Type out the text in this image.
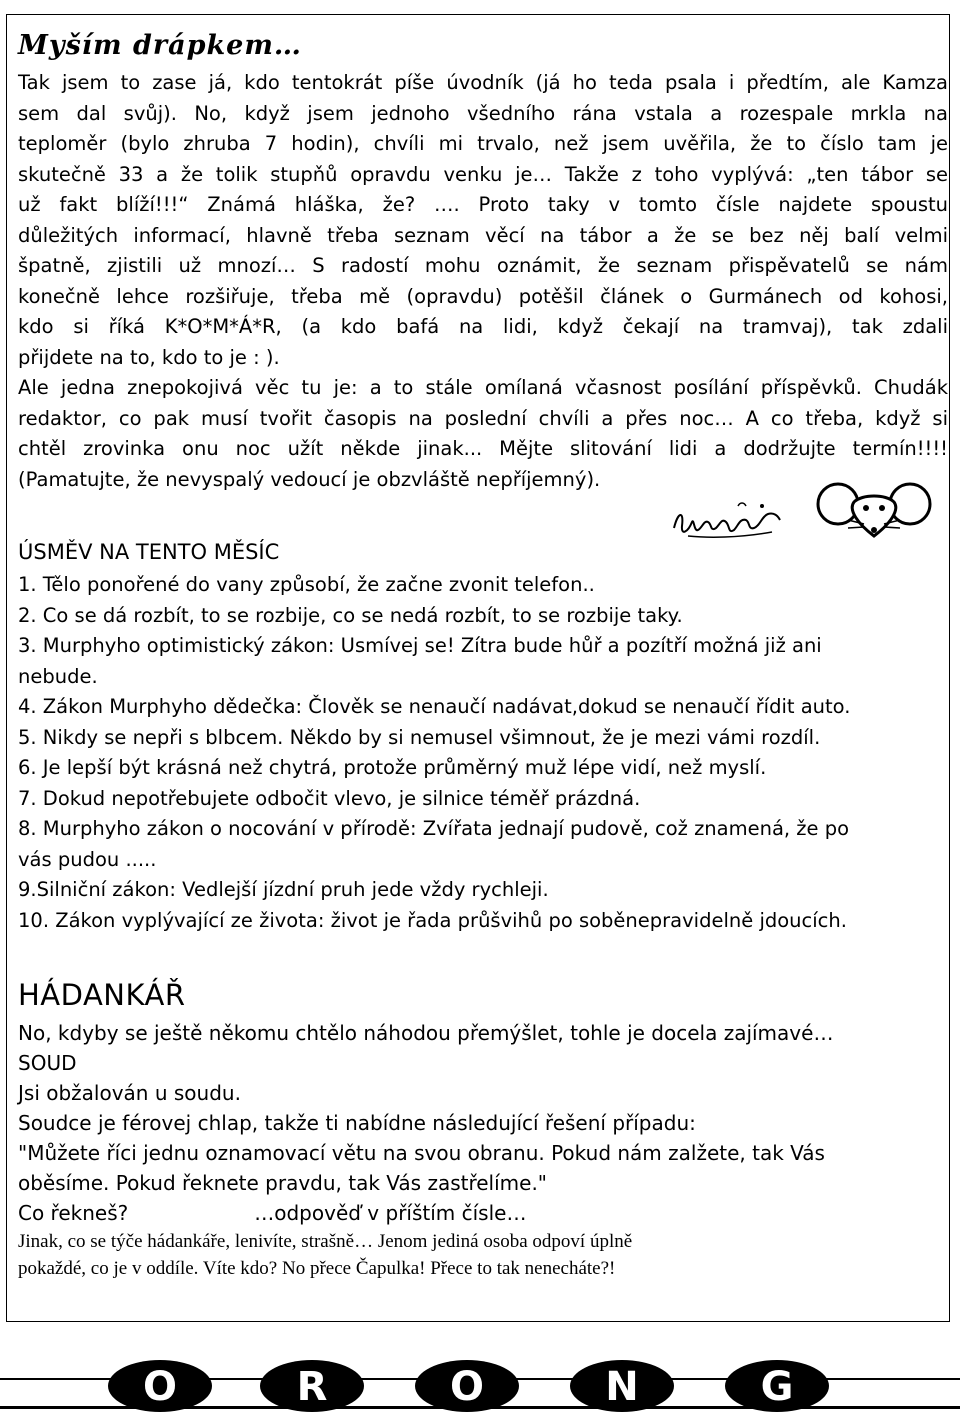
Myším drápkem…

Tak jsem to zase já, kdo tentokrát píše úvodník (já ho teda psala i předtím, ale Kamza

sem dal svůj). No, když jsem jednoho všedního rána vstala a rozespale mrkla na

teploměr (bylo zhruba 7 hodin), chvíli mi trvalo, než jsem uvěřila, že to číslo tam je

skutečně 33 a že tolik stupňů opravdu venku je… Takže z toho vyplývá: „ten tábor se

už fakt blíží!!!“ Známá hláška, že? …. Proto taky v tomto čísle najdete spoustu

důležitých informací, hlavně třeba seznam věcí na tábor a že se bez něj balí velmi

špatně, zjistili už mnozí… S radostí mohu oznámit, že seznam přispěvatelů se nám

konečně lehce rozšiřuje, třeba mě (opravdu) potěšil článek o Gurmánech od kohosi,

kdo si říká K*O*M*Á*R, (a kdo bafá na lidi, když čekají na tramvaj), tak zdali

přijdete na to, kdo to je : ).

Ale jedna znepokojivá věc tu je: a to stále omílaná včasnost posílání příspěvků. Chudák

redaktor, co pak musí tvořit časopis na poslední chvíli a přes noc… A co třeba, když si

chtěl zrovinka onu noc užít někde jinak... Mějte slitování lidi a dodržujte termín!!!!

(Pamatujte, že nevyspalý vedoucí je obzvláště nepříjemný).

ÚSMĚV NA TENTO MĚSÍC

1. Tělo ponořené do vany způsobí, že začne zvonit telefon..

2. Co se dá rozbít, to se rozbije, co se nedá rozbít, to se rozbije taky.

3. Murphyho optimistický zákon: Usmívej se! Zítra bude hůř a pozítří možná již ani

nebude.

4. Zákon Murphyho dědečka: Člověk se nenaučí nadávat,dokud se nenaučí řídit auto.

5. Nikdy se nepři s blbcem. Někdo by si nemusel všimnout, že je mezi vámi rozdíl.

6. Je lepší být krásná než chytrá, protože průměrný muž lépe vidí, než myslí.

7. Dokud nepotřebujete odbočit vlevo, je silnice téměř prázdná.

8. Murphyho zákon o nocování v přírodě: Zvířata jednají pudově, což znamená, že po

vás pudou .....

9.Silniční zákon: Vedlejší jízdní pruh jede vždy rychleji.

10. Zákon vyplývající ze života: život je řada průšvihů po soběnepravidelně jdoucích.

HÁDANKÁŘ

No, kdyby se ještě někomu chtělo náhodou přemýšlet, tohle je docela zajímavé…

SOUD

Jsi obžalován u soudu.

Soudce je férovej chlap, takže ti nabídne následující řešení případu:

"Můžete říci jednu oznamovací větu na svou obranu. Pokud nám zalžete, tak Vás

oběsíme. Pokud řeknete pravdu, tak Vás zastřelíme."

Co řekneš?	…odpověď v příštím čísle…

Jinak, co se týče hádankáře, lenivíte, strašně… Jenom jediná osoba odpoví úplně

pokaždé, co je v oddíle. Víte kdo? No přece Čapulka! Přece to tak nenecháte?!

O	R	O	N	G
